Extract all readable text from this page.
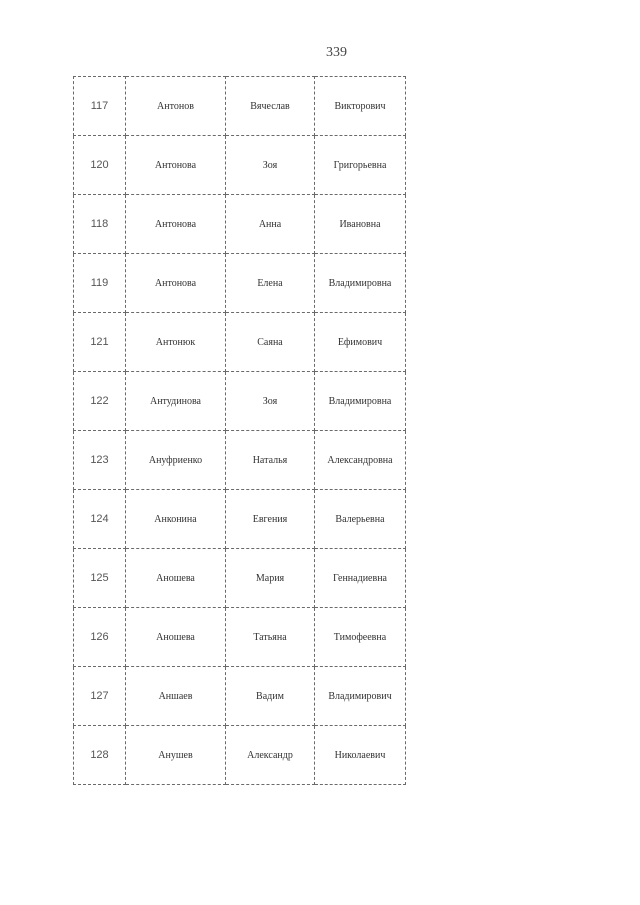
339
117	Антонов	Вячеслав	Викторович
120	Антонова	Зоя	Григорьевна
118	Антонова	Анна	Ивановна
119	Антонова	Елена	Владимировна
121	Антонюк	Саяна	Ефимович
122	Антудинова	Зоя	Владимировна
123	Ануфриенко	Наталья	Александровна
124	Анконина	Евгения	Валерьевна
125	Аношева	Мария	Геннадиевна
126	Аношева	Татьяна	Тимофеевна
127	Аншаев	Вадим	Владимирович
128	Анушев	Александр	Николаевич
